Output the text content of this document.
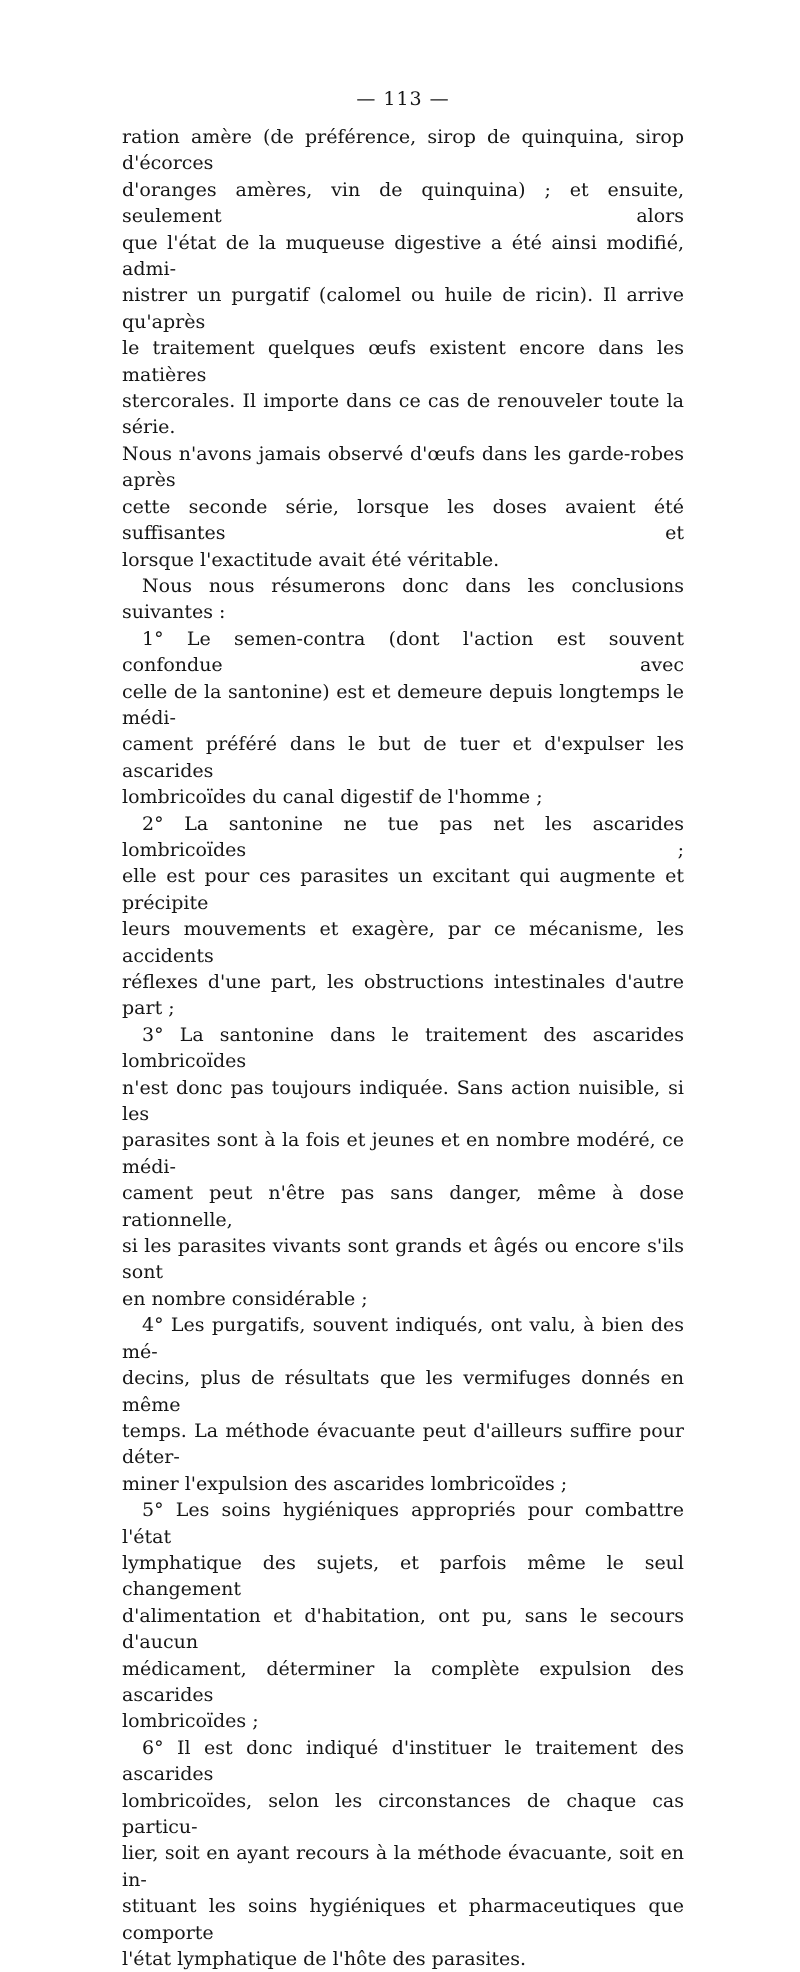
— 113 —

ration amère (de préférence, sirop de quinquina, sirop d'écorces
d'oranges amères, vin de quinquina) ; et ensuite, seulement alors
que l'état de la muqueuse digestive a été ainsi modifié, admi-
nistrer un purgatif (calomel ou huile de ricin). Il arrive qu'après
le traitement quelques œufs existent encore dans les matières
stercorales. Il importe dans ce cas de renouveler toute la série.
Nous n'avons jamais observé d'œufs dans les garde-robes après
cette seconde série, lorsque les doses avaient été suffisantes et

lorsque l'exactitude avait été véritable.

Nous nous résumerons donc dans les conclusions suivantes :

1° Le semen-contra (dont l'action est souvent confondue avec
celle de la santonine) est et demeure depuis longtemps le médi-
cament préféré dans le but de tuer et d'expulser les ascarides

lombricoïdes du canal digestif de l'homme ;

2° La santonine ne tue pas net les ascarides lombricoïdes ;
elle est pour ces parasites un excitant qui augmente et précipite
leurs mouvements et exagère, par ce mécanisme, les accidents

réflexes d'une part, les obstructions intestinales d'autre part ;

3° La santonine dans le traitement des ascarides lombricoïdes
n'est donc pas toujours indiquée. Sans action nuisible, si les
parasites sont à la fois et jeunes et en nombre modéré, ce médi-
cament peut n'être pas sans danger, même à dose rationnelle,
si les parasites vivants sont grands et âgés ou encore s'ils sont

en nombre considérable ;

4° Les purgatifs, souvent indiqués, ont valu, à bien des mé-
decins, plus de résultats que les vermifuges donnés en même
temps. La méthode évacuante peut d'ailleurs suffire pour déter-

miner l'expulsion des ascarides lombricoïdes ;

5° Les soins hygiéniques appropriés pour combattre l'état
lymphatique des sujets, et parfois même le seul changement
d'alimentation et d'habitation, ont pu, sans le secours d'aucun
médicament, déterminer la complète expulsion des ascarides

lombricoïdes ;

6° Il est donc indiqué d'instituer le traitement des ascarides
lombricoïdes, selon les circonstances de chaque cas particu-
lier, soit en ayant recours à la méthode évacuante, soit en in-
stituant les soins hygiéniques et pharmaceutiques que comporte

l'état lymphatique de l'hôte des parasites.
